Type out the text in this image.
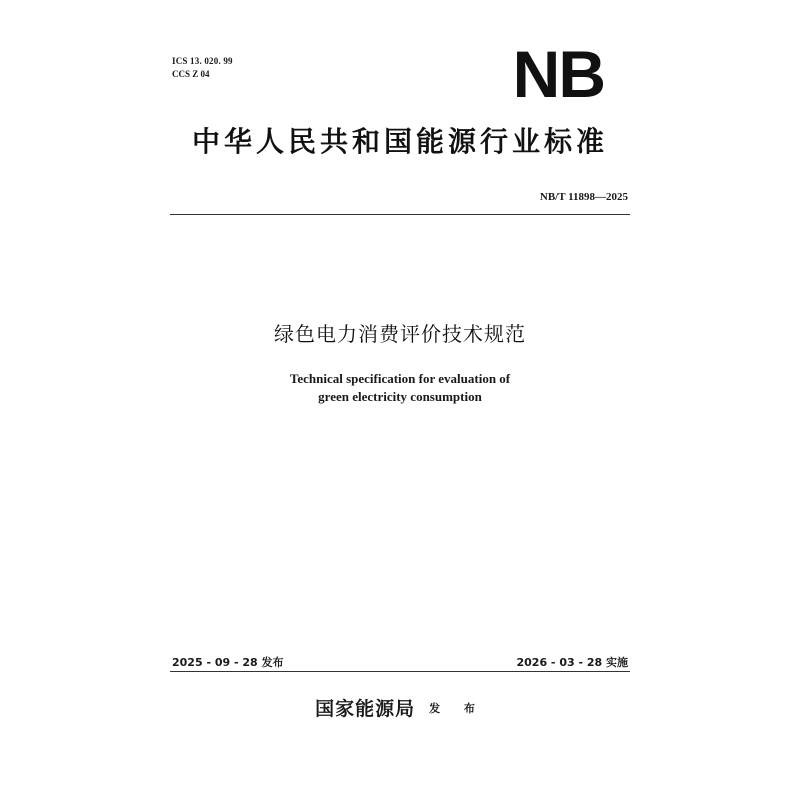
ICS 13. 020. 99
CCS Z 04	NB
中华人民共和国能源行业标准
NB/T 11898—2025
绿色电力消费评价技术规范
Technical specification for evaluation of
green electricity consumption
2025 - 09 - 28 发布	2026 - 03 - 28 实施
国家能源局 发 布
